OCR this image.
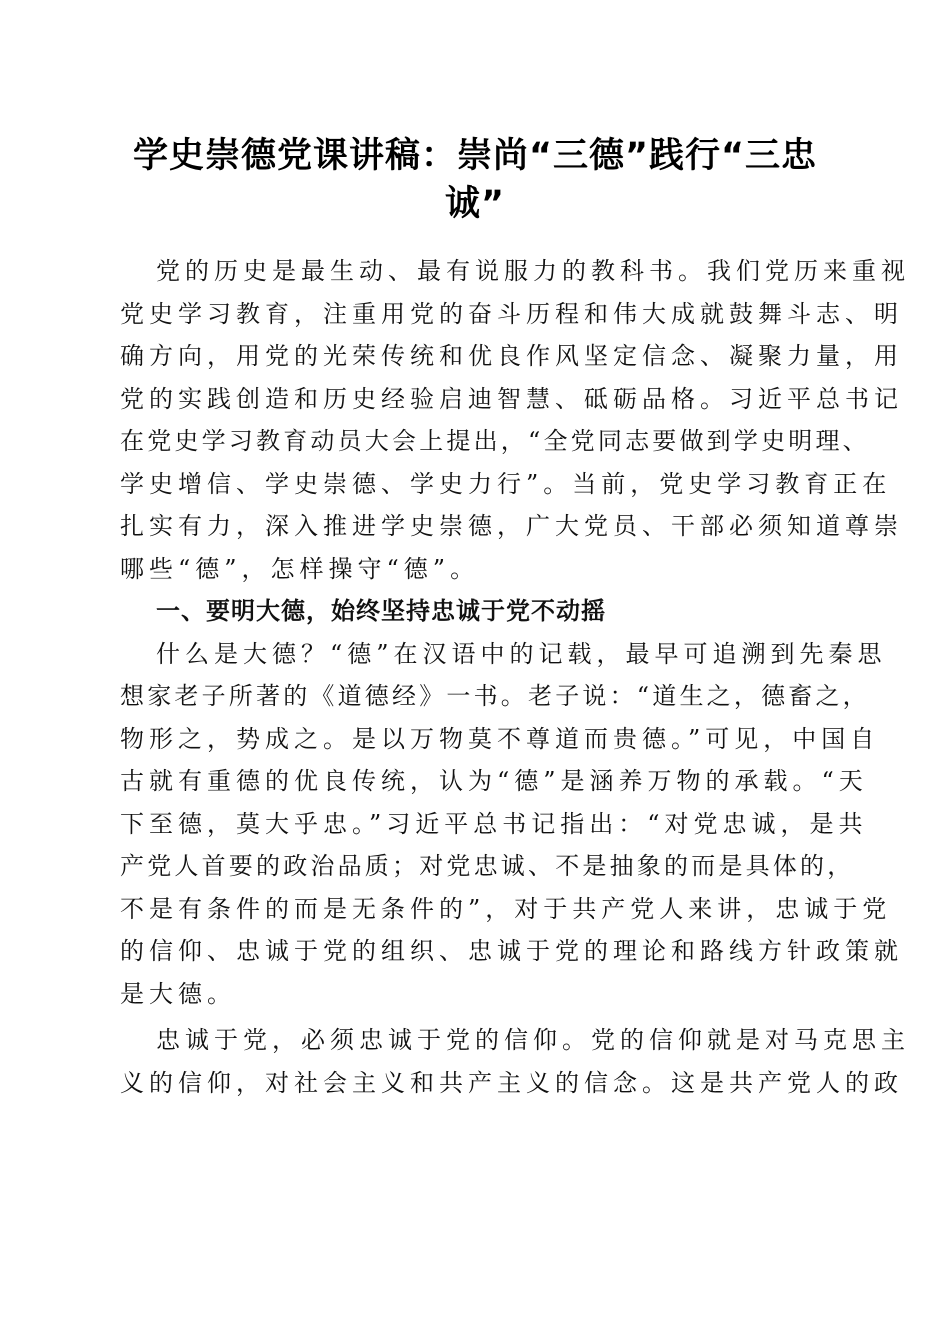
学史崇德党课讲稿：崇尚“三德”践行“三忠
诚”
党的历史是最生动、最有说服力的教科书。我们党历来重视
党史学习教育，注重用党的奋斗历程和伟大成就鼓舞斗志、明
确方向，用党的光荣传统和优良作风坚定信念、凝聚力量，用
党的实践创造和历史经验启迪智慧、砥砺品格。习近平总书记
在党史学习教育动员大会上提出，“全党同志要做到学史明理、
学史增信、学史崇德、学史力行”。当前，党史学习教育正在
扎实有力，深入推进学史崇德，广大党员、干部必须知道尊崇
哪些“德”，怎样操守“德”。
一、要明大德，始终坚持忠诚于党不动摇
什么是大德？“德”在汉语中的记载，最早可追溯到先秦思
想家老子所著的《道德经》一书。老子说：“道生之，德畜之，
物形之，势成之。是以万物莫不尊道而贵德。”可见，中国自
古就有重德的优良传统，认为“德”是涵养万物的承载。“天
下至德，莫大乎忠。”习近平总书记指出：“对党忠诚，是共
产党人首要的政治品质；对党忠诚、不是抽象的而是具体的，
不是有条件的而是无条件的”，对于共产党人来讲，忠诚于党
的信仰、忠诚于党的组织、忠诚于党的理论和路线方针政策就
是大德。
忠诚于党，必须忠诚于党的信仰。党的信仰就是对马克思主
义的信仰，对社会主义和共产主义的信念。这是共产党人的政
